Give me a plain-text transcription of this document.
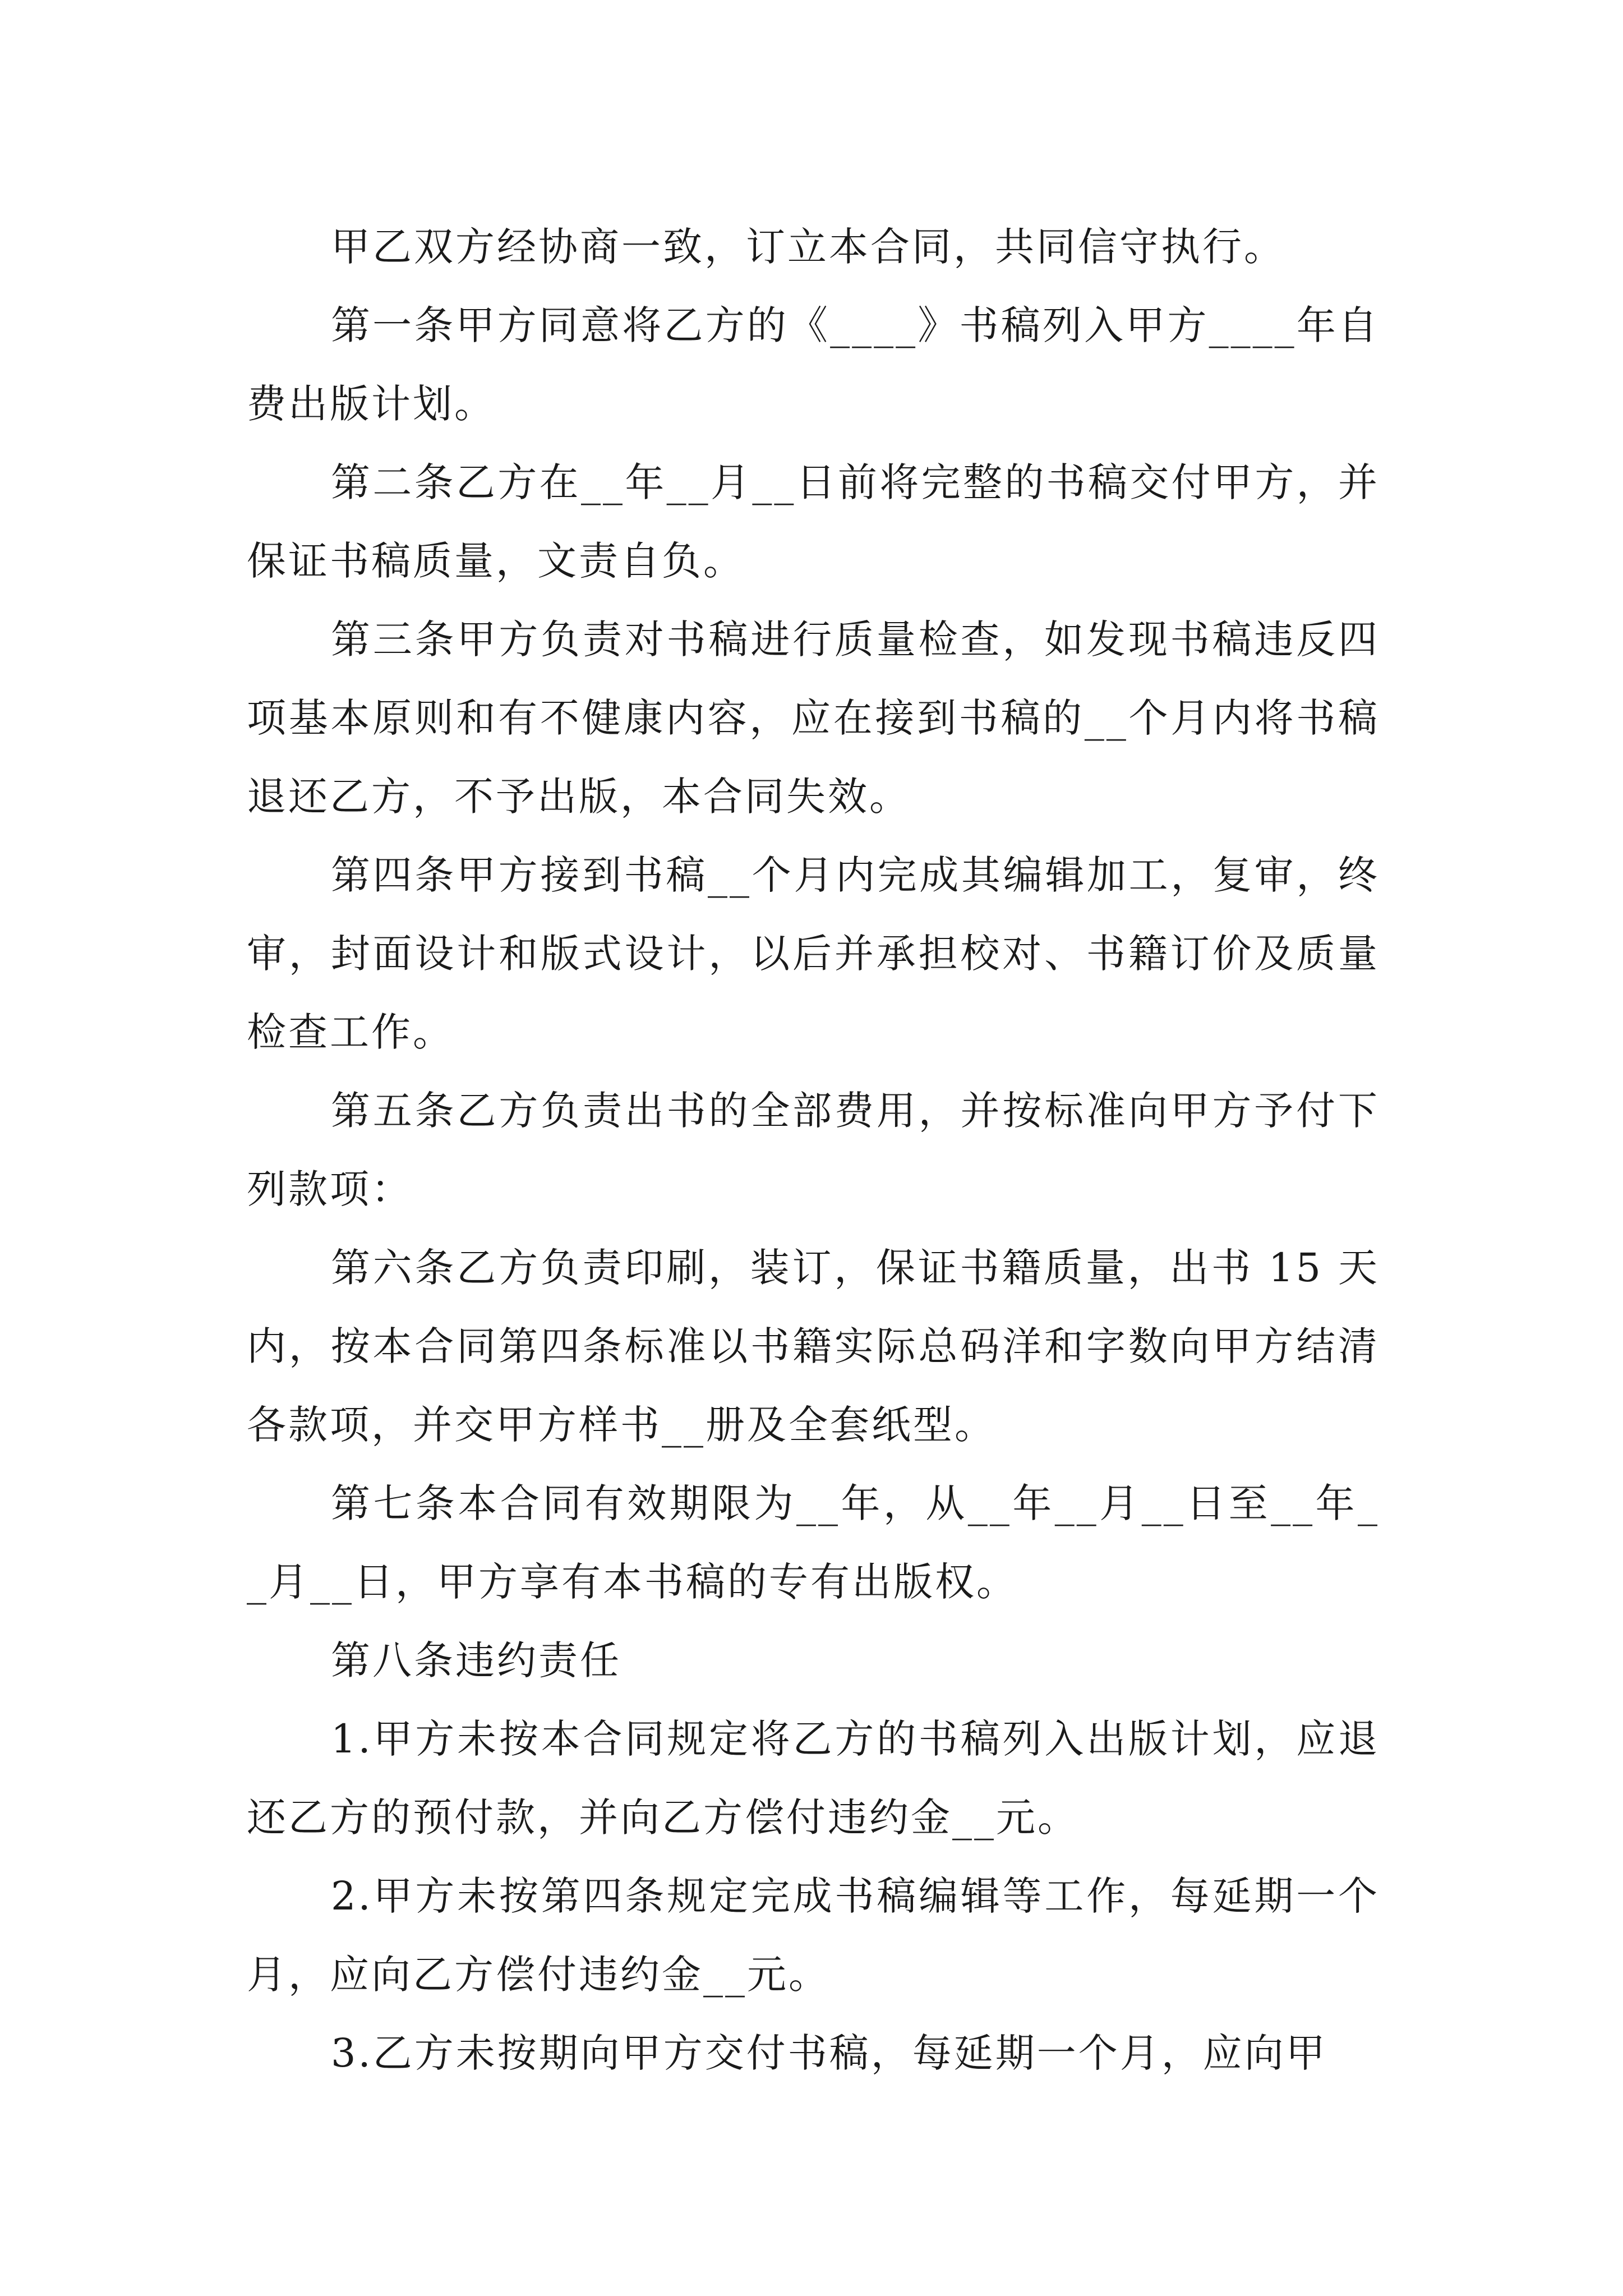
甲乙双方经协商一致，订立本合同，共同信守执行。

第一条甲方同意将乙方的《____》书稿列入甲方____年自费出版计划。

第二条乙方在__年__月__日前将完整的书稿交付甲方，并保证书稿质量，文责自负。

第三条甲方负责对书稿进行质量检查，如发现书稿违反四项基本原则和有不健康内容，应在接到书稿的__个月内将书稿退还乙方，不予出版，本合同失效。

第四条甲方接到书稿__个月内完成其编辑加工，复审，终审，封面设计和版式设计，以后并承担校对、书籍订价及质量检查工作。

第五条乙方负责出书的全部费用，并按标准向甲方予付下列款项：

第六条乙方负责印刷，装订，保证书籍质量，出书 15 天内，按本合同第四条标准以书籍实际总码洋和字数向甲方结清各款项，并交甲方样书__册及全套纸型。

第七条本合同有效期限为__年，从__年__月__日至__年__月__日，甲方享有本书稿的专有出版权。

第八条违约责任

1.甲方未按本合同规定将乙方的书稿列入出版计划，应退还乙方的预付款，并向乙方偿付违约金__元。

2.甲方未按第四条规定完成书稿编辑等工作，每延期一个月，应向乙方偿付违约金__元。

3.乙方未按期向甲方交付书稿，每延期一个月，应向甲
